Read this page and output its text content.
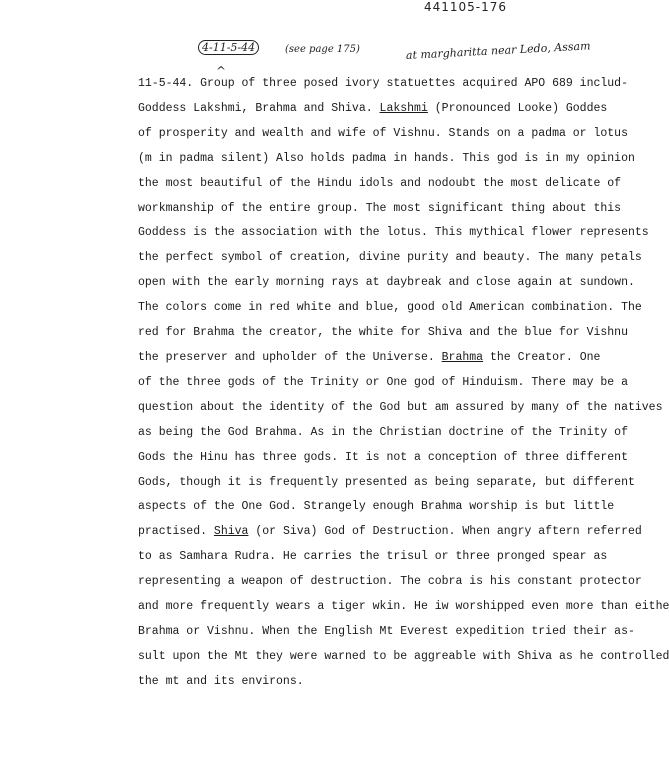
441105-176
4-11-5-44	(see page 175)	at margharitta near Ledo, Assam
^
11-5-44. Group of three posed ivory statuettes acquired APO 689 includ-
Goddess Lakshmi, Brahma and Shiva. Lakshmi (Pronounced Looke) Goddes
of prosperity and wealth and wife of Vishnu. Stands on a padma or lotus
(m in padma silent) Also holds padma in hands. This god is in my opinion
the most beautiful of the Hindu idols and nodoubt the most delicate of
workmanship of the entire group. The most significant thing about this
Goddess is the association with the lotus. This mythical flower represents
the perfect symbol of creation, divine purity and beauty. The many petals
open with the early morning rays at daybreak and close again at sundown.
The colors come in red white and blue, good old American combination. The
red for Brahma the creator, the white for Shiva and the blue for Vishnu
the preserver and upholder of the Universe. Brahma the Creator. One
of the three gods of the Trinity or One god of Hinduism. There may be a
question about the identity of the God but am assured by many of the natives
as being the God Brahma. As in the Christian doctrine of the Trinity of
Gods the Hinu has three gods. It is not a conception of three different
Gods, though it is frequently presented as being separate, but different
aspects of the One God. Strangely enough Brahma worship is but little
practised. Shiva (or Siva) God of Destruction. When angry aftern referred
to as Samhara Rudra. He carries the trisul or three pronged spear as
representing a weapon of destruction. The cobra is his constant protector
and more frequently wears a tiger wkin. He iw worshipped even more than eithe
Brahma or Vishnu. When the English Mt Everest expedition tried their as-
sult upon the Mt they were warned to be aggreable with Shiva as he controlled
the mt and its environs.
